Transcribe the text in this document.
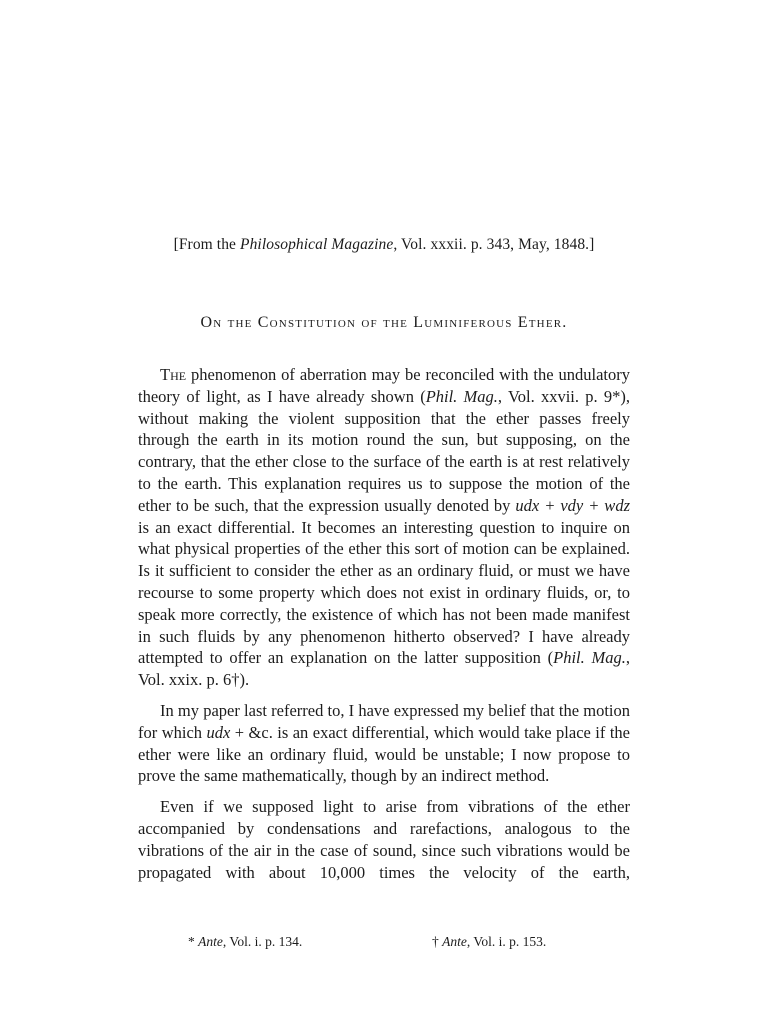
[From the Philosophical Magazine, Vol. xxxii. p. 343, May, 1848.]
On the Constitution of the Luminiferous Ether.

The phenomenon of aberration may be reconciled with the undulatory theory of light, as I have already shown (Phil. Mag., Vol. xxvii. p. 9*), without making the violent supposition that the ether passes freely through the earth in its motion round the sun, but supposing, on the contrary, that the ether close to the surface of the earth is at rest relatively to the earth. This explanation requires us to suppose the motion of the ether to be such, that the expression usually denoted by udx + vdy + wdz is an exact differential. It becomes an interesting question to inquire on what physical properties of the ether this sort of motion can be explained. Is it sufficient to consider the ether as an ordinary fluid, or must we have recourse to some property which does not exist in ordinary fluids, or, to speak more correctly, the existence of which has not been made manifest in such fluids by any phenomenon hitherto observed? I have already attempted to offer an explanation on the latter supposition (Phil. Mag., Vol. xxix. p. 6†).

In my paper last referred to, I have expressed my belief that the motion for which udx + &c. is an exact differential, which would take place if the ether were like an ordinary fluid, would be unstable; I now propose to prove the same mathematically, though by an indirect method.

Even if we supposed light to arise from vibrations of the ether accompanied by condensations and rarefactions, analogous to the vibrations of the air in the case of sound, since such vibrations would be propagated with about 10,000 times the velocity of the earth,

* Ante, Vol. i. p. 134.	† Ante, Vol. i. p. 153.
